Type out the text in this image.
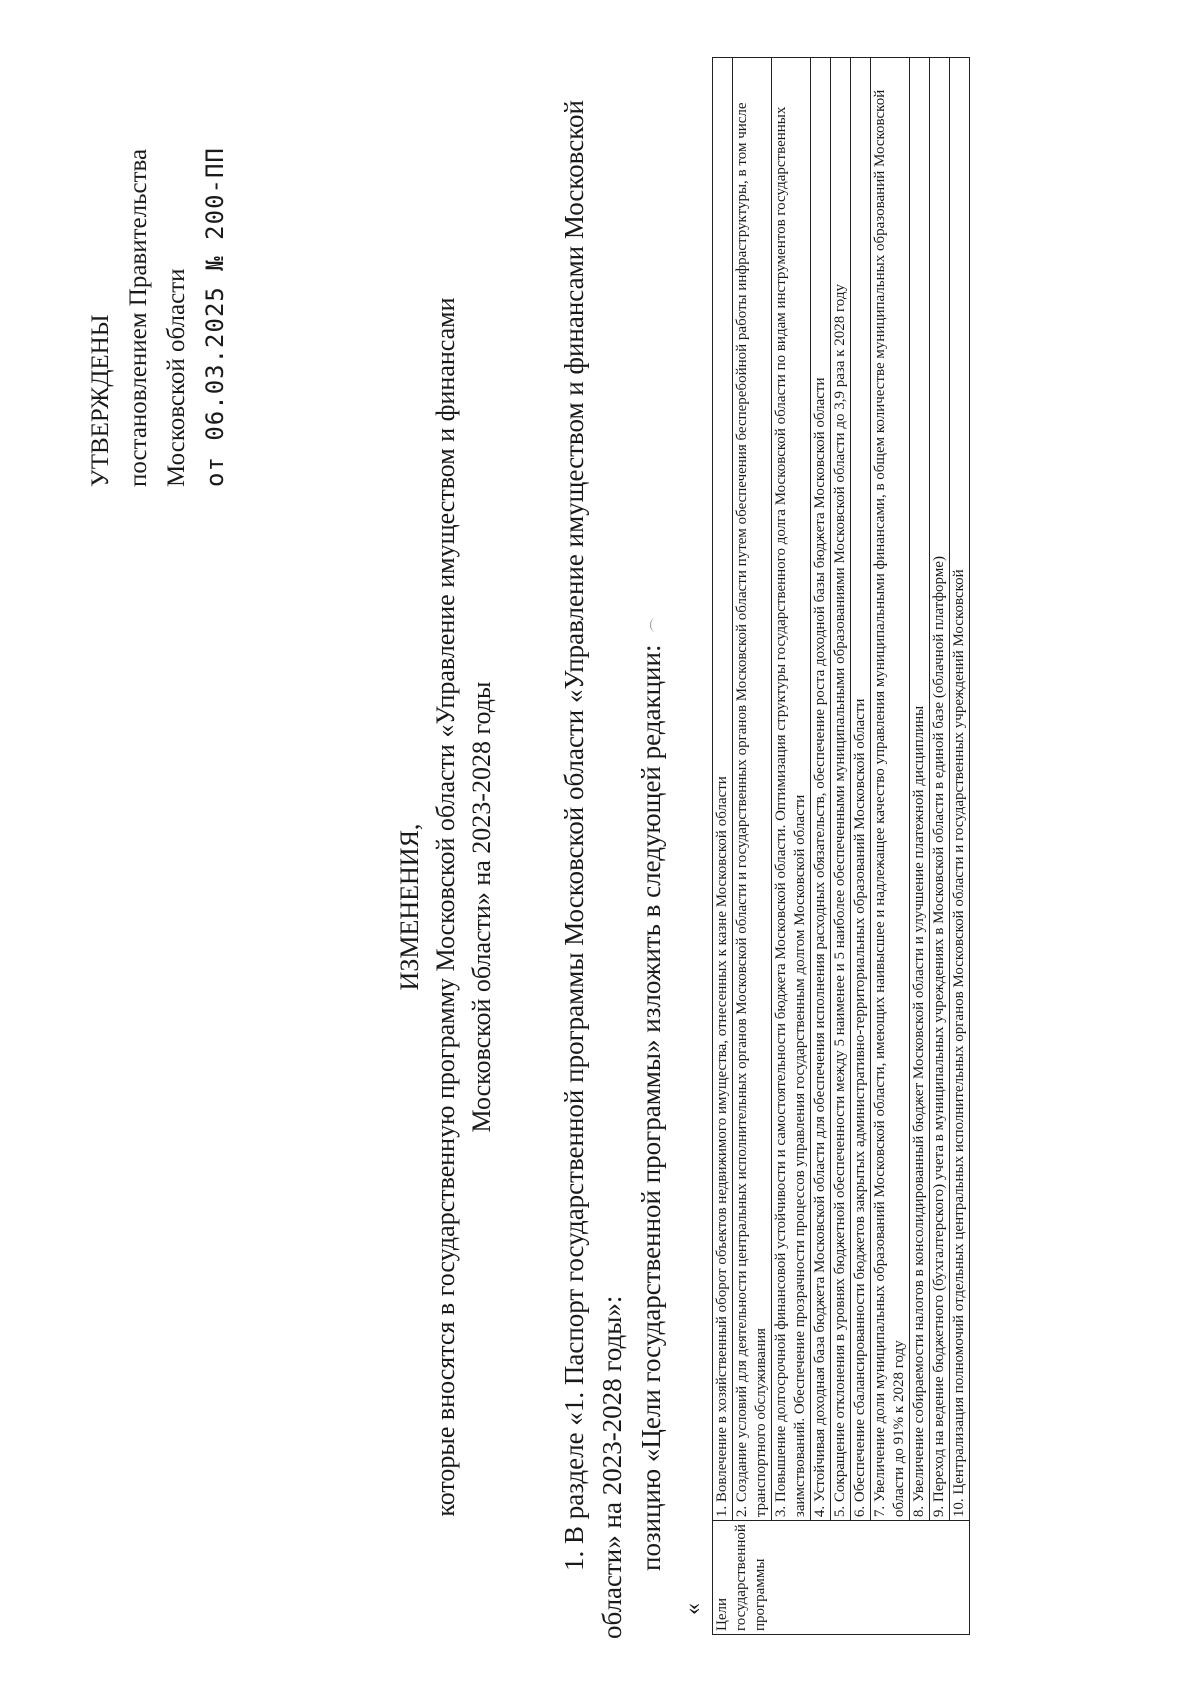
УТВЕРЖДЕНЫ постановлением Правительства Московской области от 06.03.2025 № 200-ПП
ИЗМЕНЕНИЯ, которые вносятся в государственную программу Московской области «Управление имуществом и финансами Московской области» на 2023-2028 годы 1. В разделе «1. Паспорт государственной программы Московской области «Управление имуществом и финансами Московской области» на 2023-2028 годы»: позицию «Цели государственной программы» изложить в следующей редакции:
« Цели государственной программы	1. Вовлечение в хозяйственный оборот объектов недвижимого имущества, отнесенных к казне Московской области
2. Создание условий для деятельности центральных исполнительных органов Московской области и государственных органов Московской области путем обеспечения бесперебойной работы инфраструктуры, в том числе транспортного обслуживания
3. Повышение долгосрочной финансовой устойчивости и самостоятельности бюджета Московской области. Оптимизация структуры государственного долга Московской области по видам инструментов государственных заимствований. Обеспечение прозрачности процессов управления государственным долгом Московской области
4. Устойчивая доходная база бюджета Московской области для обеспечения исполнения расходных обязательств, обеспечение роста доходной базы бюджета Московской области
5. Сокращение отклонения в уровнях бюджетной обеспеченности между 5 наименее и 5 наиболее обеспеченными муниципальными образованиями Московской области до 3,9 раза к 2028 году
6. Обеспечение сбалансированности бюджетов закрытых административно-территориальных образований Московской области
7. Увеличение доли муниципальных образований Московской области, имеющих наивысшее и надлежащее качество управления муниципальными финансами, в общем количестве муниципальных образований Московской области до 91% к 2028 году
8. Увеличение собираемости налогов в консолидированный бюджет Московской области и улучшение платежной дисциплины
9. Переход на ведение бюджетного (бухгалтерского) учета в муниципальных учреждениях в Московской области в единой базе (облачной платформе)
10. Централизация полномочий отдельных центральных исполнительных органов Московской области и государственных учреждений Московской
